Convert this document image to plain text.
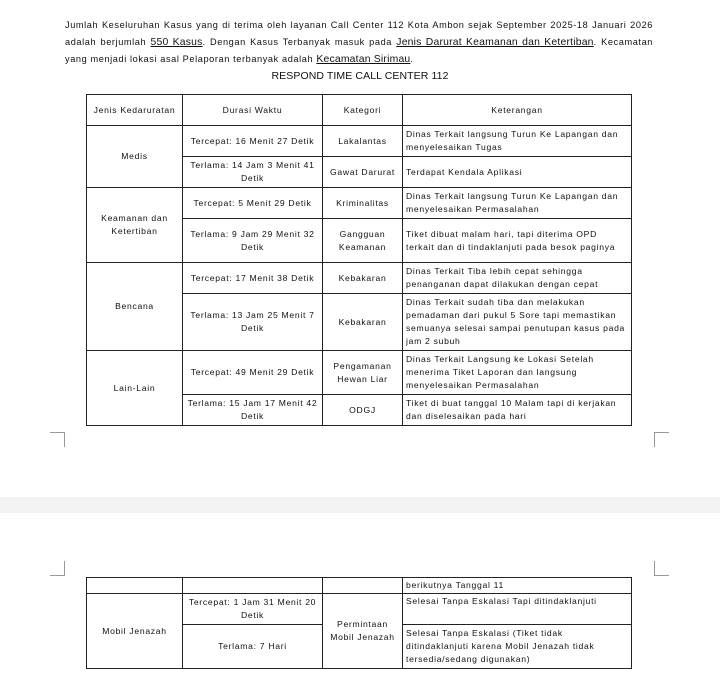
Jumlah Keseluruhan Kasus yang di terima oleh layanan Call Center 112 Kota Ambon sejak September 2025-18 Januari 2026 adalah berjumlah 550 Kasus. Dengan Kasus Terbanyak masuk pada Jenis Darurat Keamanan dan Ketertiban. Kecamatan yang menjadi lokasi asal Pelaporan terbanyak adalah Kecamatan Sirimau.

RESPOND TIME CALL CENTER 112
Jenis Kedaruratan	Durasi Waktu	Kategori	Keterangan
Medis	Tercepat: 16 Menit 27 Detik	Lakalantas	Dinas Terkait langsung Turun Ke Lapangan dan menyelesaikan Tugas
	Terlama: 14 Jam 3 Menit 41 Detik	Gawat Darurat	Terdapat Kendala Aplikasi
Keamanan dan Ketertiban	Tercepat: 5 Menit 29 Detik	Kriminalitas	Dinas Terkait langsung Turun Ke Lapangan dan menyelesaikan Permasalahan
	Terlama: 9 Jam 29 Menit 32 Detik	Gangguan Keamanan	Tiket dibuat malam hari, tapi diterima OPD terkait dan di tindaklanjuti pada besok paginya
Bencana	Tercepat: 17 Menit 38 Detik	Kebakaran	Dinas Terkait Tiba lebih cepat sehingga penanganan dapat dilakukan dengan cepat
	Terlama: 13 Jam 25 Menit 7 Detik	Kebakaran	Dinas Terkait sudah tiba dan melakukan pemadaman dari pukul 5 Sore tapi memastikan semuanya selesai sampai penutupan kasus pada jam 2 subuh
Lain-Lain	Tercepat: 49 Menit 29 Detik	Pengamanan Hewan Liar	Dinas Terkait Langsung ke Lokasi Setelah menerima Tiket Laporan dan langsung menyelesaikan Permasalahan
	Terlama: 15 Jam 17 Menit 42 Detik	ODGJ	Tiket di buat tanggal 10 Malam tapi di kerjakan dan diselesaikan pada hari
			berikutnya Tanggal 11
Mobil Jenazah	Tercepat: 1 Jam 31 Menit 20 Detik	Permintaan Mobil Jenazah	Selesai Tanpa Eskalasi Tapi ditindaklanjuti
	Terlama: 7 Hari		Selesai Tanpa Eskalasi (Tiket tidak ditindaklanjuti karena Mobil Jenazah tidak tersedia/sedang digunakan)
